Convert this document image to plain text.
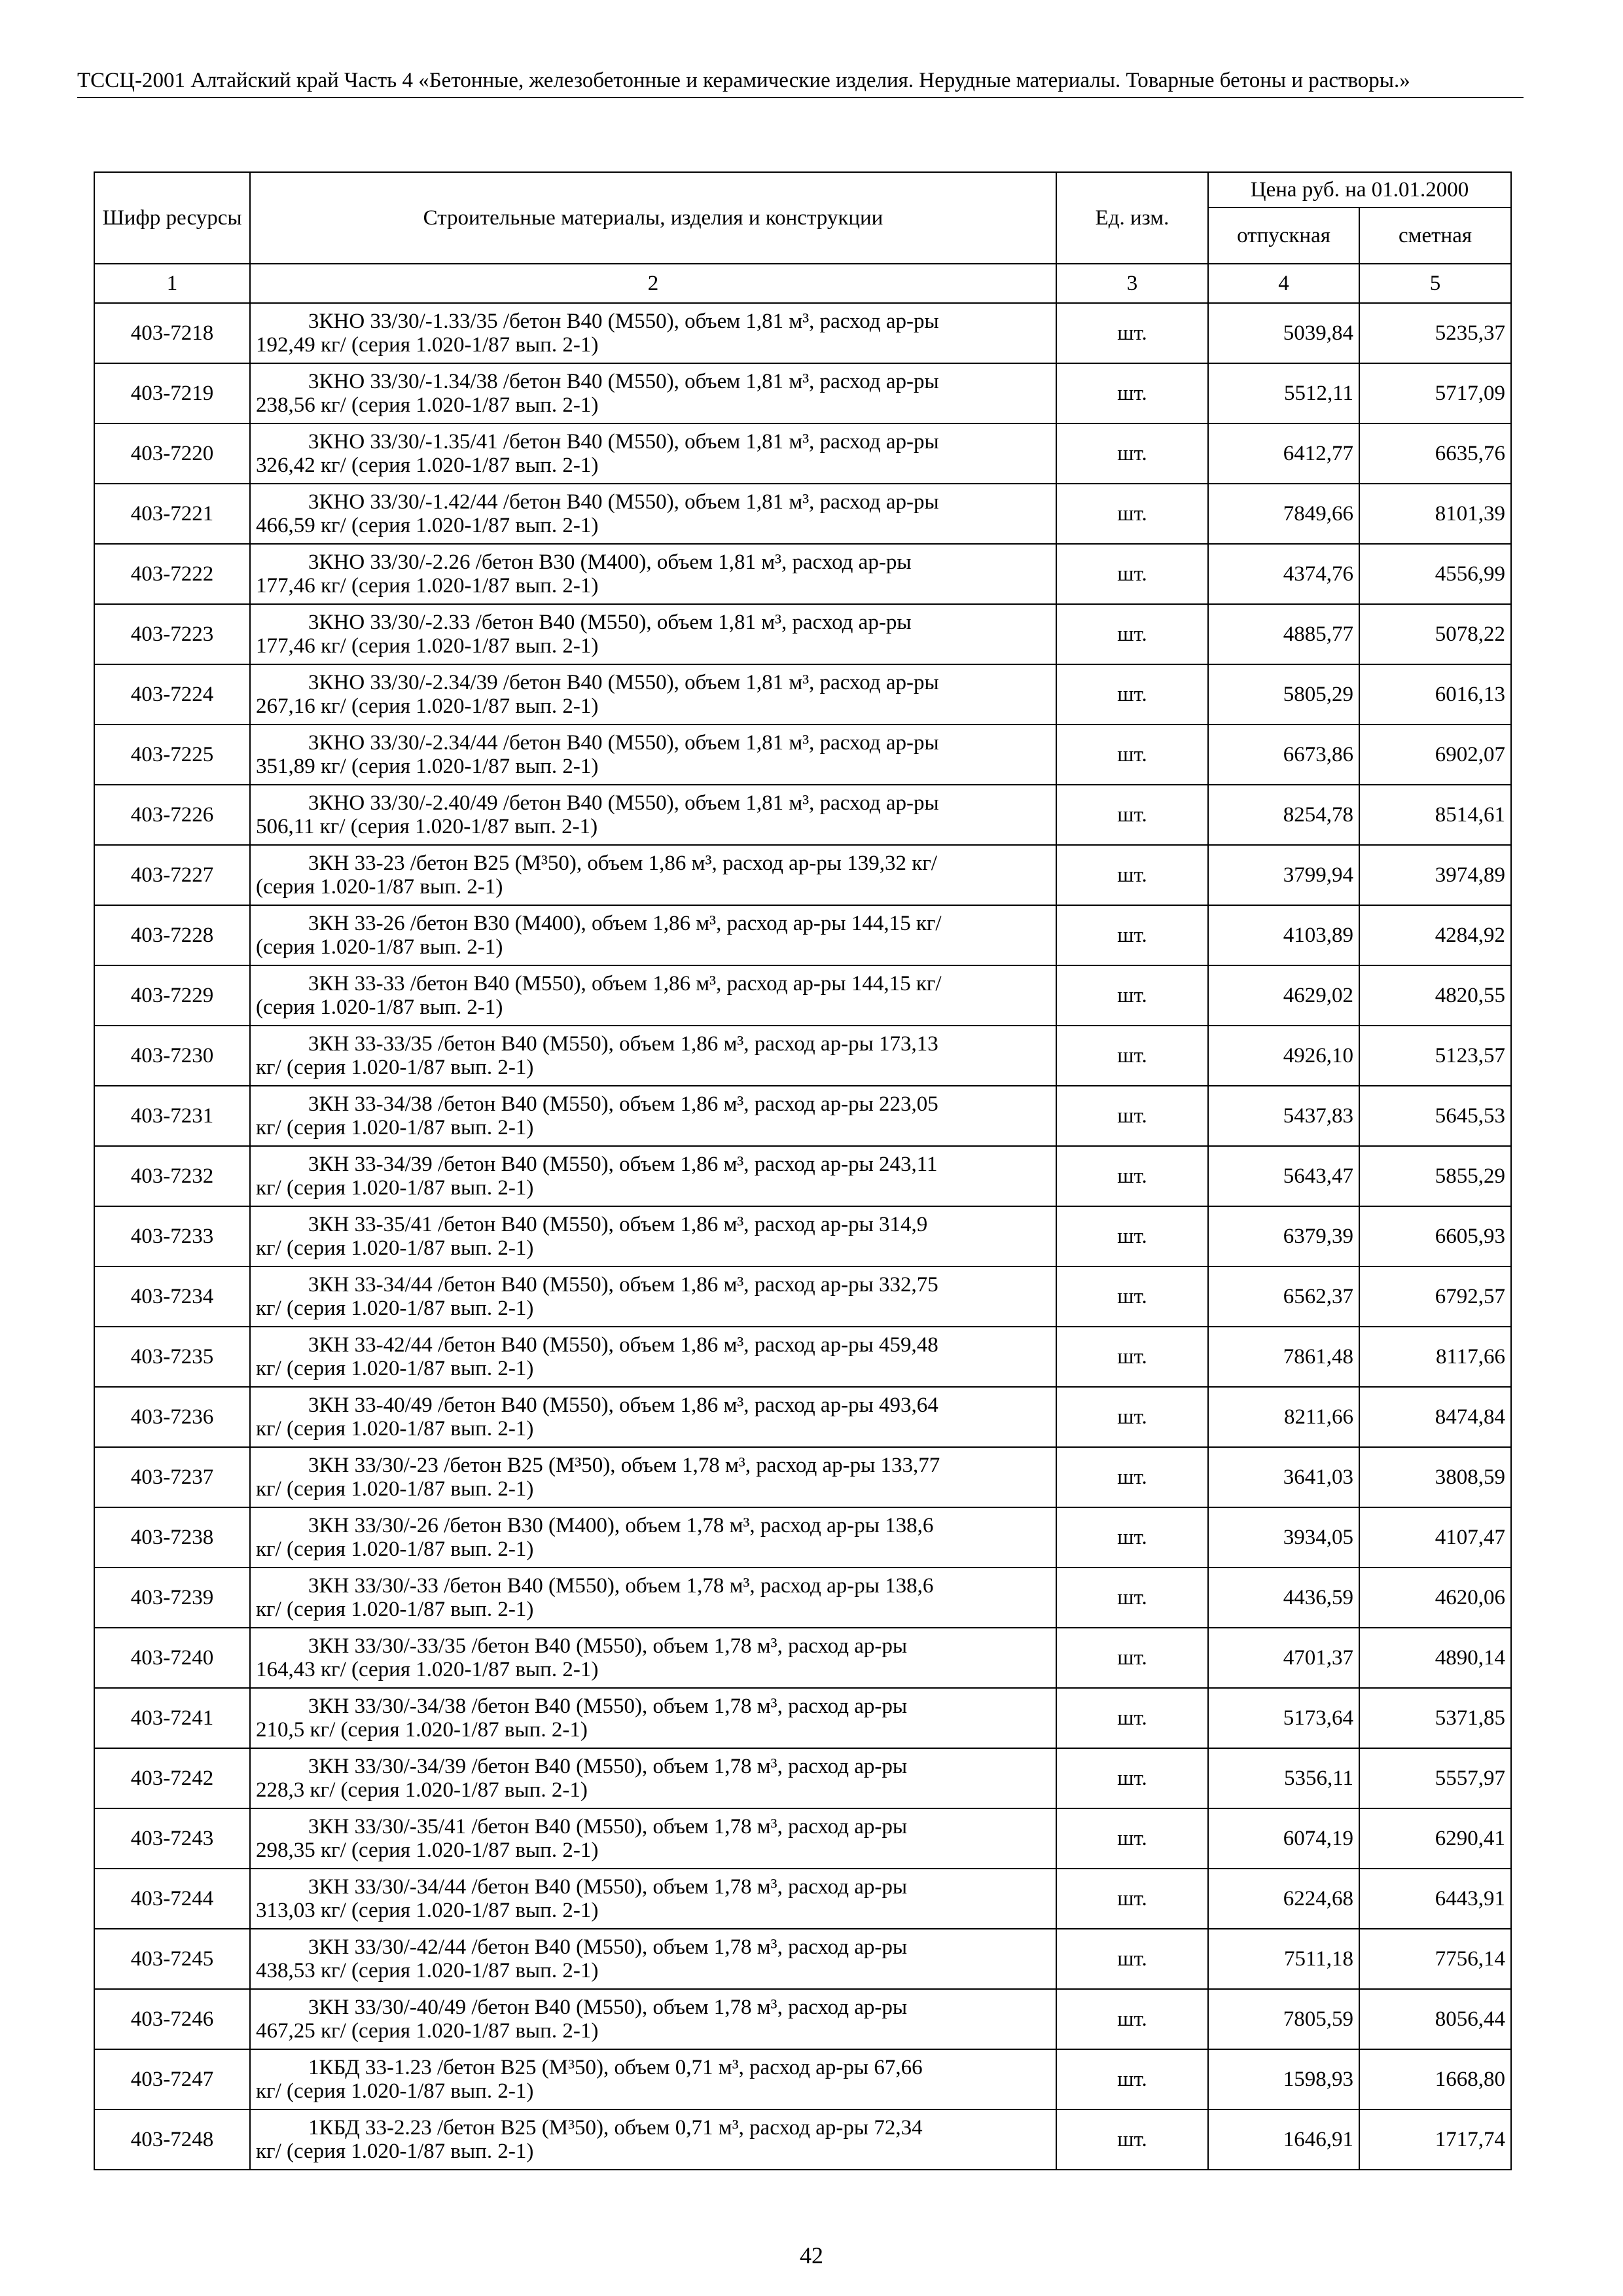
ТССЦ-2001 Алтайский край Часть 4 «Бетонные, железобетонные и керамические изделия. Нерудные материалы. Товарные бетоны и растворы.»
Шифр ресурсы	Строительные материалы, изделия и конструкции	Ед. изм.	Цена руб. на 01.01.2000	
			отпускная	сметная
1	2	3	4	5
403-7218	3КНО 33/30/-1.33/35 /бетон В40 (М550), объем 1,81 м³, расход ар-ры
192,49 кг/ (серия 1.020-1/87 вып. 2-1)	шт.	5039,84	5235,37
403-7219	3КНО 33/30/-1.34/38 /бетон В40 (М550), объем 1,81 м³, расход ар-ры
238,56 кг/ (серия 1.020-1/87 вып. 2-1)	шт.	5512,11	5717,09
403-7220	3КНО 33/30/-1.35/41 /бетон В40 (М550), объем 1,81 м³, расход ар-ры
326,42 кг/ (серия 1.020-1/87 вып. 2-1)	шт.	6412,77	6635,76
403-7221	3КНО 33/30/-1.42/44 /бетон В40 (М550), объем 1,81 м³, расход ар-ры
466,59 кг/ (серия 1.020-1/87 вып. 2-1)	шт.	7849,66	8101,39
403-7222	3КНО 33/30/-2.26 /бетон В30 (М400), объем 1,81 м³, расход ар-ры
177,46 кг/ (серия 1.020-1/87 вып. 2-1)	шт.	4374,76	4556,99
403-7223	3КНО 33/30/-2.33 /бетон В40 (М550), объем 1,81 м³, расход ар-ры
177,46 кг/ (серия 1.020-1/87 вып. 2-1)	шт.	4885,77	5078,22
403-7224	3КНО 33/30/-2.34/39 /бетон В40 (М550), объем 1,81 м³, расход ар-ры
267,16 кг/ (серия 1.020-1/87 вып. 2-1)	шт.	5805,29	6016,13
403-7225	3КНО 33/30/-2.34/44 /бетон В40 (М550), объем 1,81 м³, расход ар-ры
351,89 кг/ (серия 1.020-1/87 вып. 2-1)	шт.	6673,86	6902,07
403-7226	3КНО 33/30/-2.40/49 /бетон В40 (М550), объем 1,81 м³, расход ар-ры
506,11 кг/ (серия 1.020-1/87 вып. 2-1)	шт.	8254,78	8514,61
403-7227	3КН 33-23 /бетон В25 (М³50), объем 1,86 м³, расход ар-ры 139,32 кг/
(серия 1.020-1/87 вып. 2-1)	шт.	3799,94	3974,89
403-7228	3КН 33-26 /бетон В30 (М400), объем 1,86 м³, расход ар-ры 144,15 кг/
(серия 1.020-1/87 вып. 2-1)	шт.	4103,89	4284,92
403-7229	3КН 33-33 /бетон В40 (М550), объем 1,86 м³, расход ар-ры 144,15 кг/
(серия 1.020-1/87 вып. 2-1)	шт.	4629,02	4820,55
403-7230	3КН 33-33/35 /бетон В40 (М550), объем 1,86 м³, расход ар-ры 173,13
кг/ (серия 1.020-1/87 вып. 2-1)	шт.	4926,10	5123,57
403-7231	3КН 33-34/38 /бетон В40 (М550), объем 1,86 м³, расход ар-ры 223,05
кг/ (серия 1.020-1/87 вып. 2-1)	шт.	5437,83	5645,53
403-7232	3КН 33-34/39 /бетон В40 (М550), объем 1,86 м³, расход ар-ры 243,11
кг/ (серия 1.020-1/87 вып. 2-1)	шт.	5643,47	5855,29
403-7233	3КН 33-35/41 /бетон В40 (М550), объем 1,86 м³, расход ар-ры 314,9
кг/ (серия 1.020-1/87 вып. 2-1)	шт.	6379,39	6605,93
403-7234	3КН 33-34/44 /бетон В40 (М550), объем 1,86 м³, расход ар-ры 332,75
кг/ (серия 1.020-1/87 вып. 2-1)	шт.	6562,37	6792,57
403-7235	3КН 33-42/44 /бетон В40 (М550), объем 1,86 м³, расход ар-ры 459,48
кг/ (серия 1.020-1/87 вып. 2-1)	шт.	7861,48	8117,66
403-7236	3КН 33-40/49 /бетон В40 (М550), объем 1,86 м³, расход ар-ры 493,64
кг/ (серия 1.020-1/87 вып. 2-1)	шт.	8211,66	8474,84
403-7237	3КН 33/30/-23 /бетон В25 (М³50), объем 1,78 м³, расход ар-ры 133,77
кг/ (серия 1.020-1/87 вып. 2-1)	шт.	3641,03	3808,59
403-7238	3КН 33/30/-26 /бетон В30 (М400), объем 1,78 м³, расход ар-ры 138,6
кг/ (серия 1.020-1/87 вып. 2-1)	шт.	3934,05	4107,47
403-7239	3КН 33/30/-33 /бетон В40 (М550), объем 1,78 м³, расход ар-ры 138,6
кг/ (серия 1.020-1/87 вып. 2-1)	шт.	4436,59	4620,06
403-7240	3КН 33/30/-33/35 /бетон В40 (М550), объем 1,78 м³, расход ар-ры
164,43 кг/ (серия 1.020-1/87 вып. 2-1)	шт.	4701,37	4890,14
403-7241	3КН 33/30/-34/38 /бетон В40 (М550), объем 1,78 м³, расход ар-ры
210,5 кг/ (серия 1.020-1/87 вып. 2-1)	шт.	5173,64	5371,85
403-7242	3КН 33/30/-34/39 /бетон В40 (М550), объем 1,78 м³, расход ар-ры
228,3 кг/ (серия 1.020-1/87 вып. 2-1)	шт.	5356,11	5557,97
403-7243	3КН 33/30/-35/41 /бетон В40 (М550), объем 1,78 м³, расход ар-ры
298,35 кг/ (серия 1.020-1/87 вып. 2-1)	шт.	6074,19	6290,41
403-7244	3КН 33/30/-34/44 /бетон В40 (М550), объем 1,78 м³, расход ар-ры
313,03 кг/ (серия 1.020-1/87 вып. 2-1)	шт.	6224,68	6443,91
403-7245	3КН 33/30/-42/44 /бетон В40 (М550), объем 1,78 м³, расход ар-ры
438,53 кг/ (серия 1.020-1/87 вып. 2-1)	шт.	7511,18	7756,14
403-7246	3КН 33/30/-40/49 /бетон В40 (М550), объем 1,78 м³, расход ар-ры
467,25 кг/ (серия 1.020-1/87 вып. 2-1)	шт.	7805,59	8056,44
403-7247	1КБД 33-1.23 /бетон В25 (М³50), объем 0,71 м³, расход ар-ры 67,66
кг/ (серия 1.020-1/87 вып. 2-1)	шт.	1598,93	1668,80
403-7248	1КБД 33-2.23 /бетон В25 (М³50), объем 0,71 м³, расход ар-ры 72,34
кг/ (серия 1.020-1/87 вып. 2-1)	шт.	1646,91	1717,74
42
